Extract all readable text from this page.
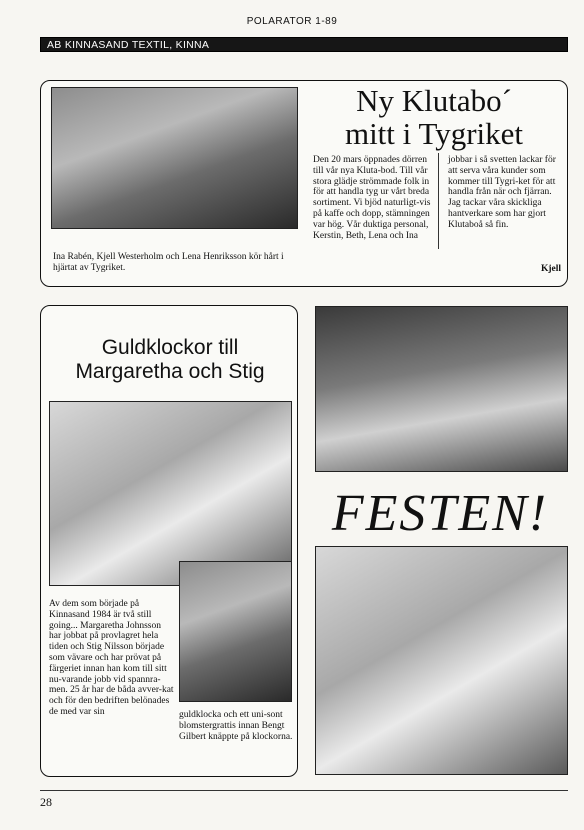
POLARATOR 1-89
AB KINNASAND TEXTIL, KINNA
Ina Rabén, Kjell Westerholm och Lena Henriksson kör hårt i hjärtat av Tygriket.
Ny Klutabo´
mitt i Tygriket
Den 20 mars öppnades dörren till vår nya Kluta-bod. Till vår stora glädje strömmade folk in för att handla tyg ur vårt breda sortiment. Vi bjöd naturligt-vis på kaffe och dopp, stämningen var hög. Vår duktiga personal, Kerstin, Beth, Lena och Ina
jobbar i så svetten lackar för att serva våra kunder som kommer till Tygri-ket för att handla från när och fjärran. Jag tackar våra skickliga hantverkare som har gjort Klutaboå så fin.
Kjell
Guldklockor till
Margaretha och Stig
Av dem som började på Kinnasand 1984 är två still going... Margaretha Johnsson har jobbat på provlagret hela tiden och Stig Nilsson började som vävare och har prövat på färgeriet innan han kom till sitt nu-varande jobb vid spannra-men. 25 år har de båda avver-kat och för den bedriften belönades de med var sin	guldklocka och ett uni-sont blomstergrattis innan Bengt Gilbert knäppte på klockorna.
FESTEN!
28
